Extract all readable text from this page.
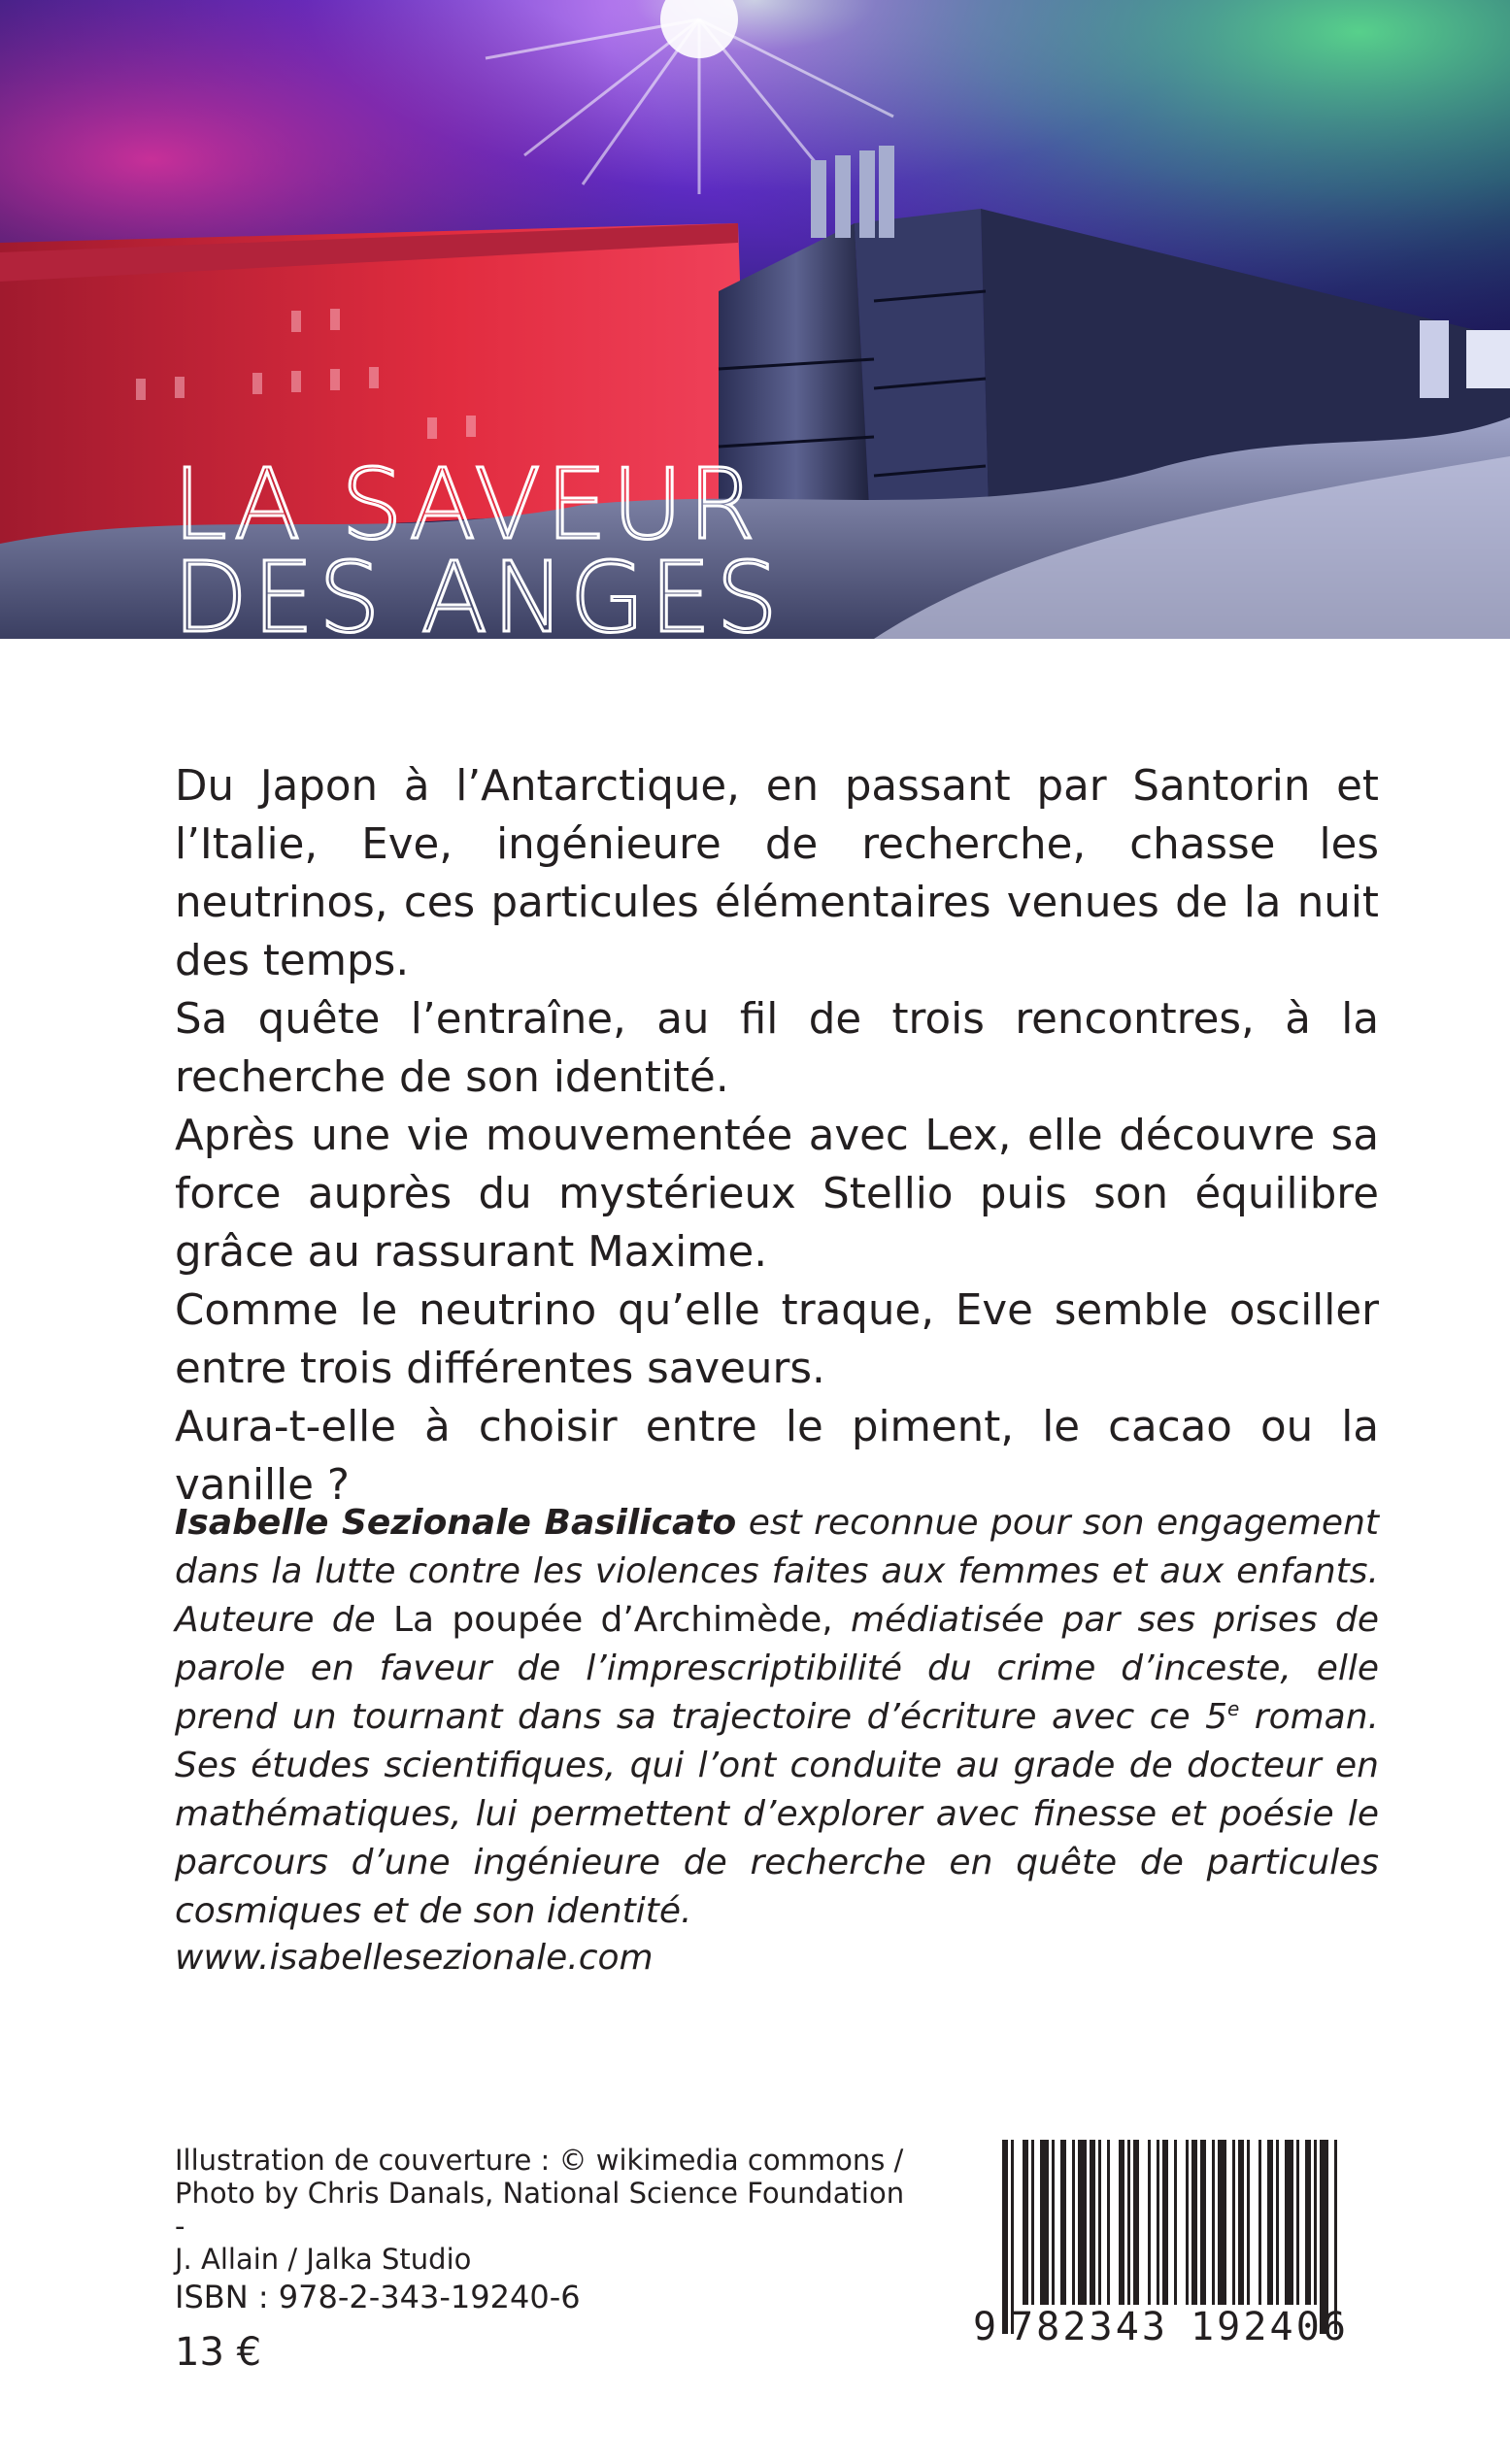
LA SAVEUR
DES ANGES

Du Japon à l’Antarctique, en passant par Santorin et l’Italie, Eve, ingénieure de recherche, chasse les neutrinos, ces particules élémentaires venues de la nuit des temps.

Sa quête l’entraîne, au fil de trois rencontres, à la recherche de son identité.

Après une vie mouvementée avec Lex, elle découvre sa force auprès du mystérieux Stellio puis son équilibre grâce au rassurant Maxime.

Comme le neutrino qu’elle traque, Eve semble osciller entre trois différentes saveurs.

Aura-t-elle à choisir entre le piment, le cacao ou la vanille ?

Isabelle Sezionale Basilicato est reconnue pour son engagement dans la lutte contre les violences faites aux femmes et aux enfants. Auteure de La poupée d’Archimède, médiatisée par ses prises de parole en faveur de l’imprescriptibilité du crime d’inceste, elle prend un tournant dans sa trajectoire d’écriture avec ce 5e roman. Ses études scientifiques, qui l’ont conduite au grade de docteur en mathématiques, lui permettent d’explorer avec finesse et poésie le parcours d’une ingénieure de recherche en quête de particules cosmiques et de son identité.

www.isabellesezionale.com

Illustration de couverture : © wikimedia commons /
Photo by Chris Danals, National Science Foundation -
J. Allain / Jalka Studio

ISBN : 978-2-343-19240-6

13 €

9 782343 192406
